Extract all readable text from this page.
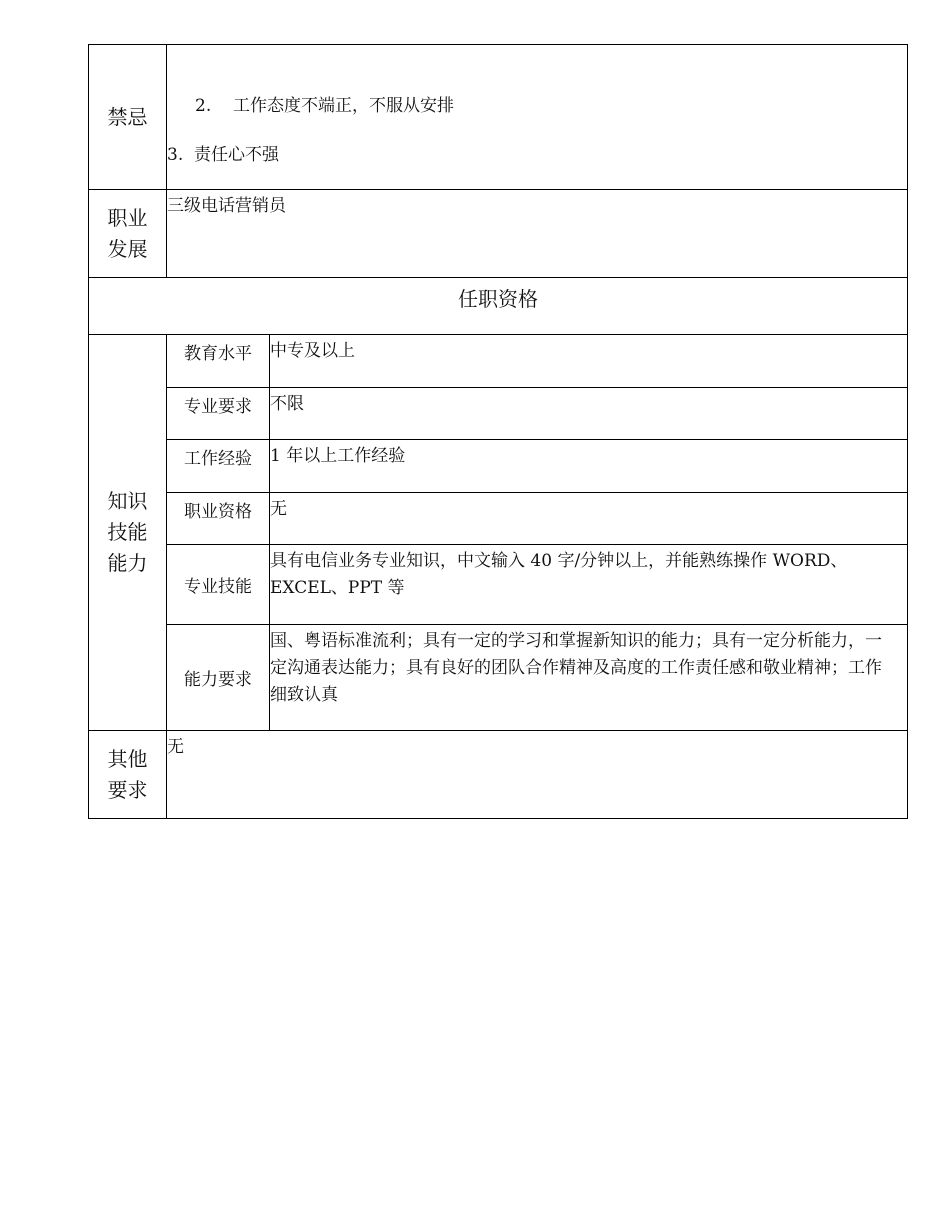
禁忌	2. 工作态度不端正，不服从安排
3.  责任心不强	

职业发展	三级电话营销员	
任职资格		
知识技能能力	教育水平	中专及以上
	专业要求	不限
	工作经验	1 年以上工作经验
	职业资格	无
	专业技能	具有电信业务专业知识，中文输入 40 字/分钟以上，并能熟练操作 WORD、EXCEL、PPT 等
	能力要求	国、粤语标准流利；具有一定的学习和掌握新知识的能力；具有一定分析能力，一定沟通表达能力；具有良好的团队合作精神及高度的工作责任感和敬业精神；工作细致认真
其他要求	无	
